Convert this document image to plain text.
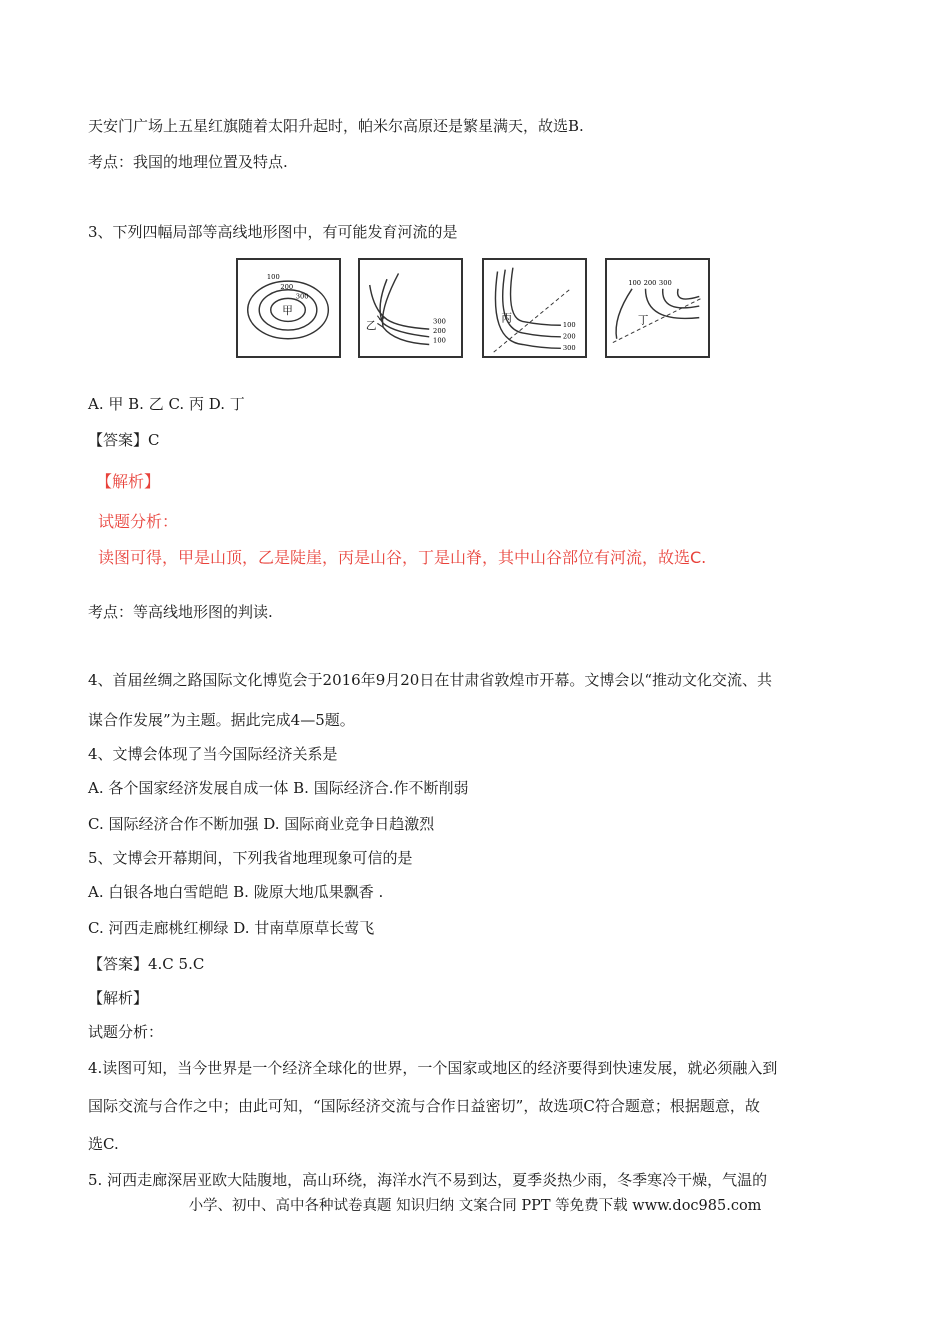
天安门广场上五星红旗随着太阳升起时，帕米尔高原还是繁星满天，故选B.
考点：我国的地理位置及特点.
3、下列四幅局部等高线地形图中，有可能发育河流的是
100
200
300
甲
300
200
100
乙	100
200
300
丙
100 200 300
丁
A. 甲 B. 乙 C. 丙 D. 丁
【答案】C
【解析】
试题分析：
读图可得，甲是山顶，乙是陡崖，丙是山谷，丁是山脊，其中山谷部位有河流，故选C.
考点：等高线地形图的判读.
4、首届丝绸之路国际文化博览会于2016年9月20日在甘肃省敦煌市开幕。文博会以“推动文化交流、共
谋合作发展”为主题。据此完成4—5题。
4、文博会体现了当今国际经济关系是
A. 各个国家经济发展自成一体 B. 国际经济合.作不断削弱
C. 国际经济合作不断加强 D. 国际商业竞争日趋激烈
5、文博会开幕期间，下列我省地理现象可信的是
A. 白银各地白雪皑皑 B. 陇原大地瓜果飘香 .
C. 河西走廊桃红柳绿 D. 甘南草原草长莺飞
【答案】4.C 5.C
【解析】
试题分析：
4.读图可知，当今世界是一个经济全球化的世界，一个国家或地区的经济要得到快速发展，就必须融入到
国际交流与合作之中；由此可知，“国际经济交流与合作日益密切”，故选项C符合题意；根据题意，故
选C.
5. 河西走廊深居亚欧大陆腹地，高山环绕，海洋水汽不易到达，夏季炎热少雨，冬季寒冷干燥，气温的
小学、初中、高中各种试卷真题 知识归纳 文案合同 PPT 等免费下载 www.doc985.com
